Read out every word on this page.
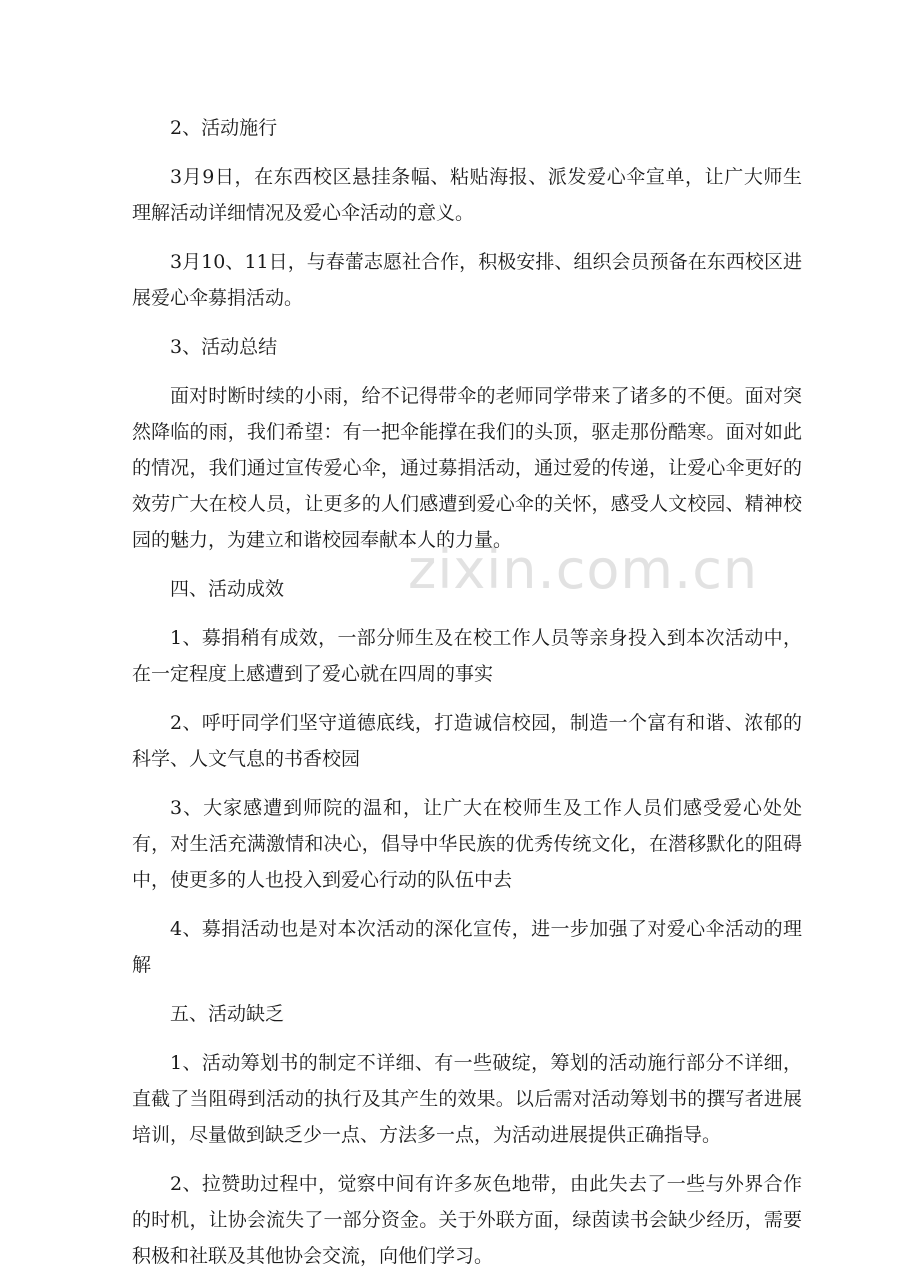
zixin.com.cn

2、活动施行

3月9日，在东西校区悬挂条幅、粘贴海报、派发爱心伞宣单，让广大师生理解活动详细情况及爱心伞活动的意义。

3月10、11日，与春蕾志愿社合作，积极安排、组织会员预备在东西校区进展爱心伞募捐活动。

3、活动总结

面对时断时续的小雨，给不记得带伞的老师同学带来了诸多的不便。面对突然降临的雨，我们希望：有一把伞能撑在我们的头顶，驱走那份酷寒。面对如此的情况，我们通过宣传爱心伞，通过募捐活动，通过爱的传递，让爱心伞更好的效劳广大在校人员，让更多的人们感遭到爱心伞的关怀，感受人文校园、精神校园的魅力，为建立和谐校园奉献本人的力量。

四、活动成效

1、募捐稍有成效，一部分师生及在校工作人员等亲身投入到本次活动中，在一定程度上感遭到了爱心就在四周的事实

2、呼吁同学们坚守道德底线，打造诚信校园，制造一个富有和谐、浓郁的科学、人文气息的书香校园

3、大家感遭到师院的温和，让广大在校师生及工作人员们感受爱心处处有，对生活充满激情和决心，倡导中华民族的优秀传统文化，在潜移默化的阻碍中，使更多的人也投入到爱心行动的队伍中去

4、募捐活动也是对本次活动的深化宣传，进一步加强了对爱心伞活动的理解

五、活动缺乏

1、活动筹划书的制定不详细、有一些破绽，筹划的活动施行部分不详细，直截了当阻碍到活动的执行及其产生的效果。以后需对活动筹划书的撰写者进展培训，尽量做到缺乏少一点、方法多一点，为活动进展提供正确指导。

2、拉赞助过程中，觉察中间有许多灰色地带，由此失去了一些与外界合作的时机，让协会流失了一部分资金。关于外联方面，绿茵读书会缺少经历，需要积极和社联及其他协会交流，向他们学习。
